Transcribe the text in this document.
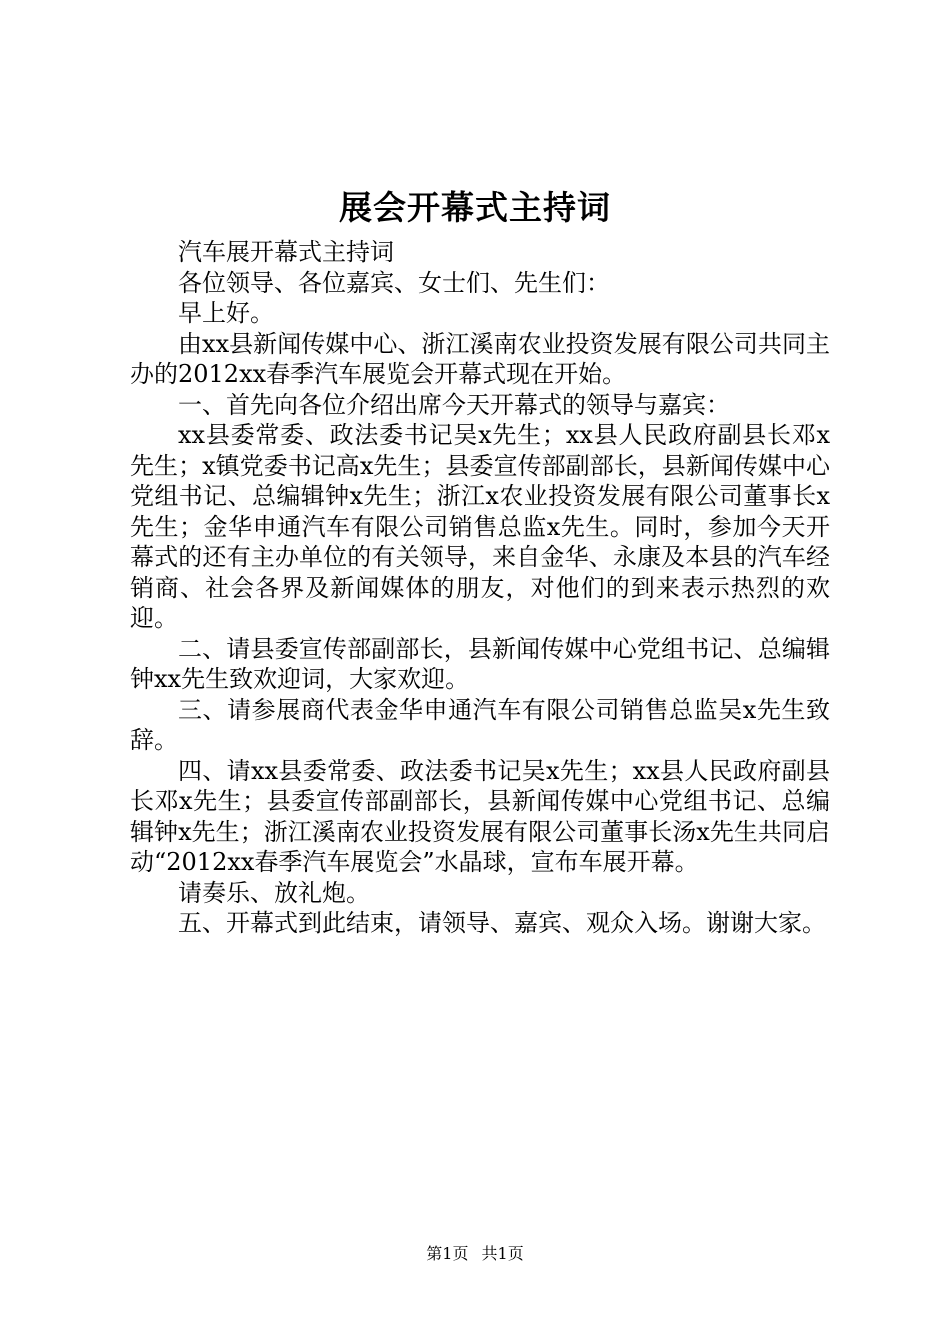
展会开幕式主持词

汽车展开幕式主持词

各位领导、各位嘉宾、女士们、先生们：

早上好。

由xx县新闻传媒中心、浙江溪南农业投资发展有限公司共同主办的2012xx春季汽车展览会开幕式现在开始。

一、首先向各位介绍出席今天开幕式的领导与嘉宾：

xx县委常委、政法委书记吴x先生；xx县人民政府副县长邓x先生；x镇党委书记高x先生；县委宣传部副部长，县新闻传媒中心党组书记、总编辑钟x先生；浙江x农业投资发展有限公司董事长x先生；金华申通汽车有限公司销售总监x先生。同时，参加今天开幕式的还有主办单位的有关领导，来自金华、永康及本县的汽车经销商、社会各界及新闻媒体的朋友，对他们的到来表示热烈的欢迎。

二、请县委宣传部副部长，县新闻传媒中心党组书记、总编辑钟xx先生致欢迎词，大家欢迎。

三、请参展商代表金华申通汽车有限公司销售总监吴x先生致辞。

四、请xx县委常委、政法委书记吴x先生；xx县人民政府副县长邓x先生；县委宣传部副部长，县新闻传媒中心党组书记、总编辑钟x先生；浙江溪南农业投资发展有限公司董事长汤x先生共同启动“2012xx春季汽车展览会”水晶球，宣布车展开幕。

请奏乐、放礼炮。

五、开幕式到此结束，请领导、嘉宾、观众入场。谢谢大家。

第1页 共1页
